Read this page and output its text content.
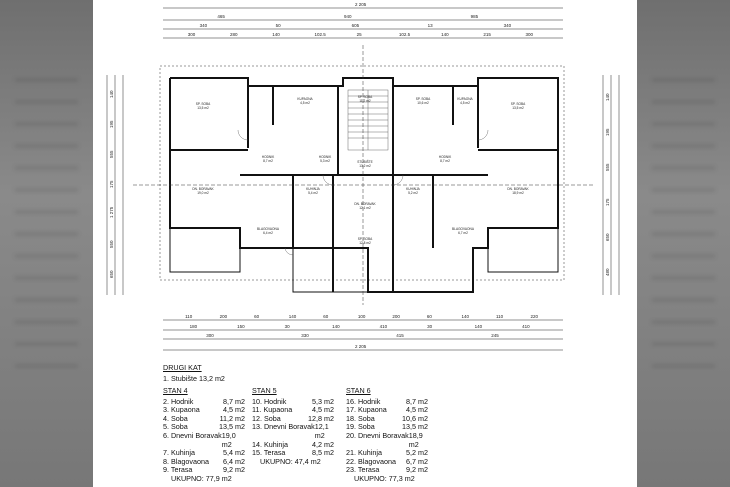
2 205
2 205
465	940	985
340	50	605	13	340
300	280	140	102.5	25	102.5	140	215	300
110	200	60	140	60	100	200	60	140	110	220
180	150	30	140	410	30	140	410
300	330	415	245
140
195
555
175
1 275
550
650
140
195
555
175
650
480
SP. SOBA
13,5 m2
KUPAONA
4,5 m2
SP. SOBA
11,2 m2	SP. SOBA
10,6 m2
KUPAONA
4,5 m2	SP. SOBA
13,5 m2
HODNIK
8,7 m2
HODNIK
5,3 m2	STUBIŠTE
13,2 m2
HODNIK
8,7 m2
DN. BORAVAK
19,0 m2
KUHINJA
5,4 m2
DN. BORAVAK
12,1 m2
KUHINJA
5,2 m2
DN. BORAVAK
18,9 m2
BLAGOVAONA
6,4 m2
BLAGOVAONA
6,7 m2
SP. SOBA
12,8 m2
DRUGI KAT
1. Stubište 13,2 m2
STAN 4
2. Hodnik	8,7 m2
3. Kupaona	4,5 m2
4. Soba	11,2 m2
5. Soba	13,5 m2
6. Dnevni Boravak 19,0 m2
7. Kuhinja	5,4 m2
8. Blagovaona 6,4 m2
9. Terasa	9,2 m2
UKUPNO: 77,9 m2
STAN 5
10. Hodnik	5,3 m2
11. Kupaona	4,5 m2
12. Soba	12,8 m2
13. Dnevni Boravak 12,1 m2
14. Kuhinja	4,2 m2
15. Terasa	8,5 m2
UKUPNO: 47,4 m2
STAN 6
16. Hodnik	8,7 m2
17. Kupaona	4,5 m2
18. Soba	10,6 m2
19. Soba	13,5 m2
20. Dnevni Boravak 18,9 m2
21. Kuhinja	5,2 m2
22. Blagovaona 6,7 m2
23. Terasa	9,2 m2
UKUPNO: 77,3 m2
